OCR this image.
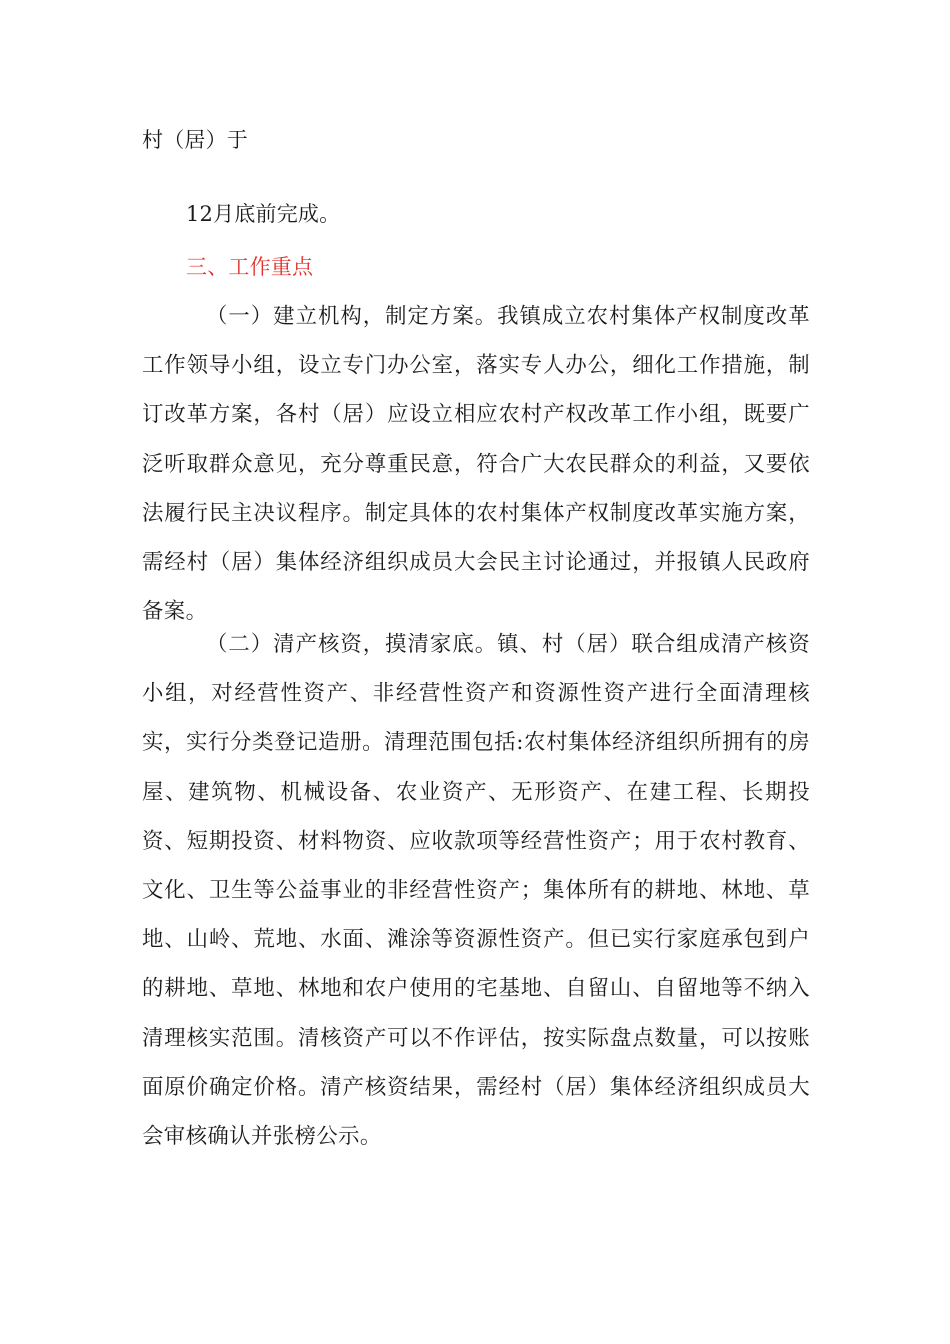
村（居）于
12月底前完成。
三、工作重点

（一）建立机构，制定方案。我镇成立农村集体产权制度改革工作领导小组，设立专门办公室，落实专人办公，细化工作措施，制订改革方案，各村（居）应设立相应农村产权改革工作小组，既要广泛听取群众意见，充分尊重民意，符合广大农民群众的利益，又要依法履行民主决议程序。制定具体的农村集体产权制度改革实施方案，需经村（居）集体经济组织成员大会民主讨论通过，并报镇人民政府备案。

（二）清产核资，摸清家底。镇、村（居）联合组成清产核资小组，对经营性资产、非经营性资产和资源性资产进行全面清理核实，实行分类登记造册。清理范围包括:农村集体经济组织所拥有的房屋、建筑物、机械设备、农业资产、无形资产、在建工程、长期投资、短期投资、材料物资、应收款项等经营性资产；用于农村教育、文化、卫生等公益事业的非经营性资产；集体所有的耕地、林地、草地、山岭、荒地、水面、滩涂等资源性资产。但已实行家庭承包到户的耕地、草地、林地和农户使用的宅基地、自留山、自留地等不纳入清理核实范围。清核资产可以不作评估，按实际盘点数量，可以按账面原价确定价格。清产核资结果，需经村（居）集体经济组织成员大会审核确认并张榜公示。
